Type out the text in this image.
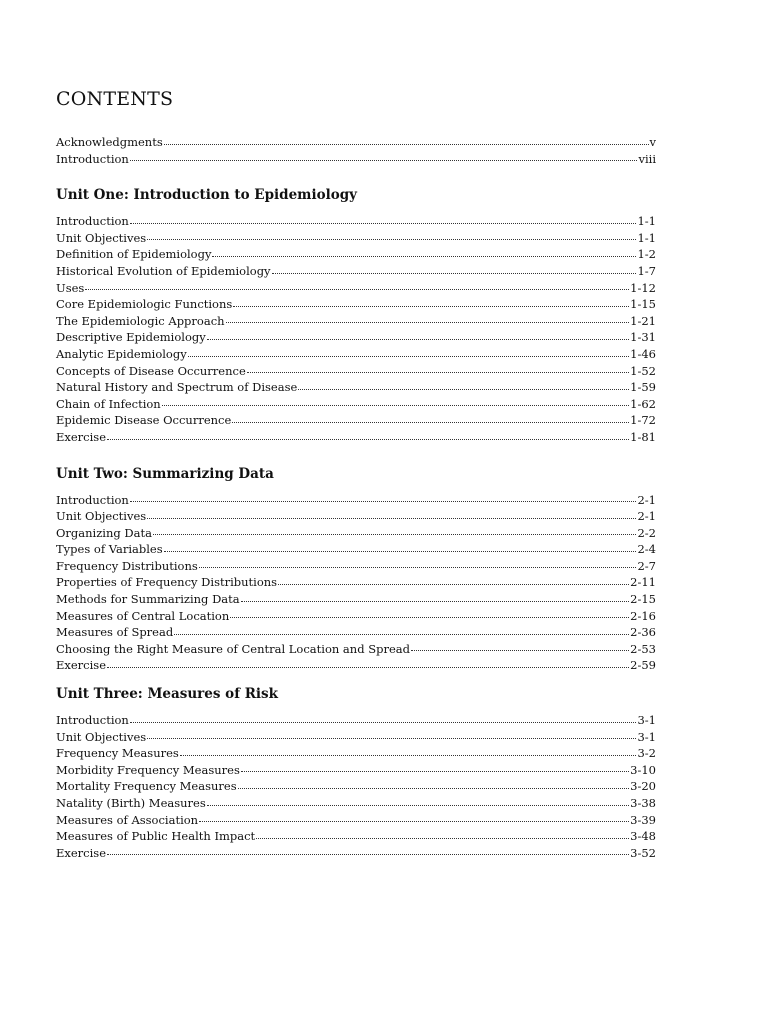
CONTENTS
Acknowledgments	v
Introduction	viii
Unit One: Introduction to Epidemiology
Introduction	1-1
Unit Objectives	1-1
Definition of Epidemiology	1-2
Historical Evolution of Epidemiology	1-7
Uses	1-12
Core Epidemiologic Functions	1-15
The Epidemiologic Approach	1-21
Descriptive Epidemiology	1-31
Analytic Epidemiology	1-46
Concepts of Disease Occurrence	1-52
Natural History and Spectrum of Disease	1-59
Chain of Infection	1-62
Epidemic Disease Occurrence	1-72
Exercise	1-81
Unit Two: Summarizing Data
Introduction	2-1
Unit Objectives	2-1
Organizing Data	2-2
Types of Variables	2-4
Frequency Distributions	2-7
Properties of Frequency Distributions	2-11
Methods for Summarizing Data	2-15
Measures of Central Location	2-16
Measures of Spread	2-36
Choosing the Right Measure of Central Location and Spread	2-53
Exercise	2-59
Unit Three: Measures of Risk
Introduction	3-1
Unit Objectives	3-1
Frequency Measures	3-2
Morbidity Frequency Measures	3-10
Mortality Frequency Measures	3-20
Natality (Birth) Measures	3-38
Measures of Association	3-39
Measures of Public Health Impact	3-48
Exercise	3-52
